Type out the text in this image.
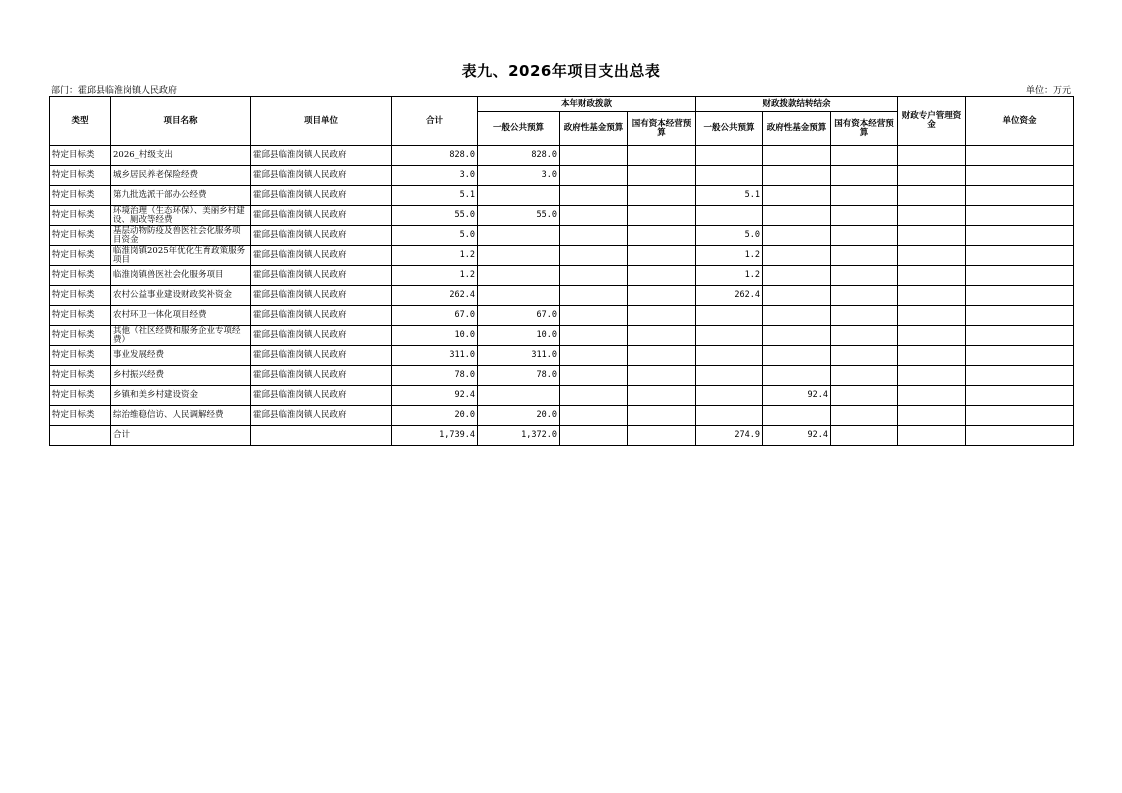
表九、2026年项目支出总表
部门：霍邱县临淮岗镇人民政府	单位：万元
类型	项目名称	项目单位	合计	本年财政拨款			财政拨款结转结余			财政专户管理资金	单位资金
				一般公共预算	政府性基金预算	国有资本经营预算	一般公共预算	政府性基金预算	国有资本经营预算		
特定目标类	2026_村级支出	霍邱县临淮岗镇人民政府	828.0	828.0							
特定目标类	城乡居民养老保险经费	霍邱县临淮岗镇人民政府	3.0	3.0							
特定目标类	第九批选派干部办公经费	霍邱县临淮岗镇人民政府	5.1				5.1				
特定目标类	环境治理（生态环保）、美丽乡村建设、厕改等经费	霍邱县临淮岗镇人民政府	55.0	55.0							
特定目标类	基层动物防疫及兽医社会化服务项目资金	霍邱县临淮岗镇人民政府	5.0				5.0				
特定目标类	临淮岗镇2025年优化生育政策服务项目	霍邱县临淮岗镇人民政府	1.2				1.2				
特定目标类	临淮岗镇兽医社会化服务项目	霍邱县临淮岗镇人民政府	1.2				1.2				
特定目标类	农村公益事业建设财政奖补资金	霍邱县临淮岗镇人民政府	262.4				262.4				
特定目标类	农村环卫一体化项目经费	霍邱县临淮岗镇人民政府	67.0	67.0							
特定目标类	其他（社区经费和服务企业专项经费）	霍邱县临淮岗镇人民政府	10.0	10.0							
特定目标类	事业发展经费	霍邱县临淮岗镇人民政府	311.0	311.0							
特定目标类	乡村振兴经费	霍邱县临淮岗镇人民政府	78.0	78.0							
特定目标类	乡镇和美乡村建设资金	霍邱县临淮岗镇人民政府	92.4					92.4			
特定目标类	综治维稳信访、人民调解经费	霍邱县临淮岗镇人民政府	20.0	20.0							
	合计		1,739.4	1,372.0			274.9	92.4			
